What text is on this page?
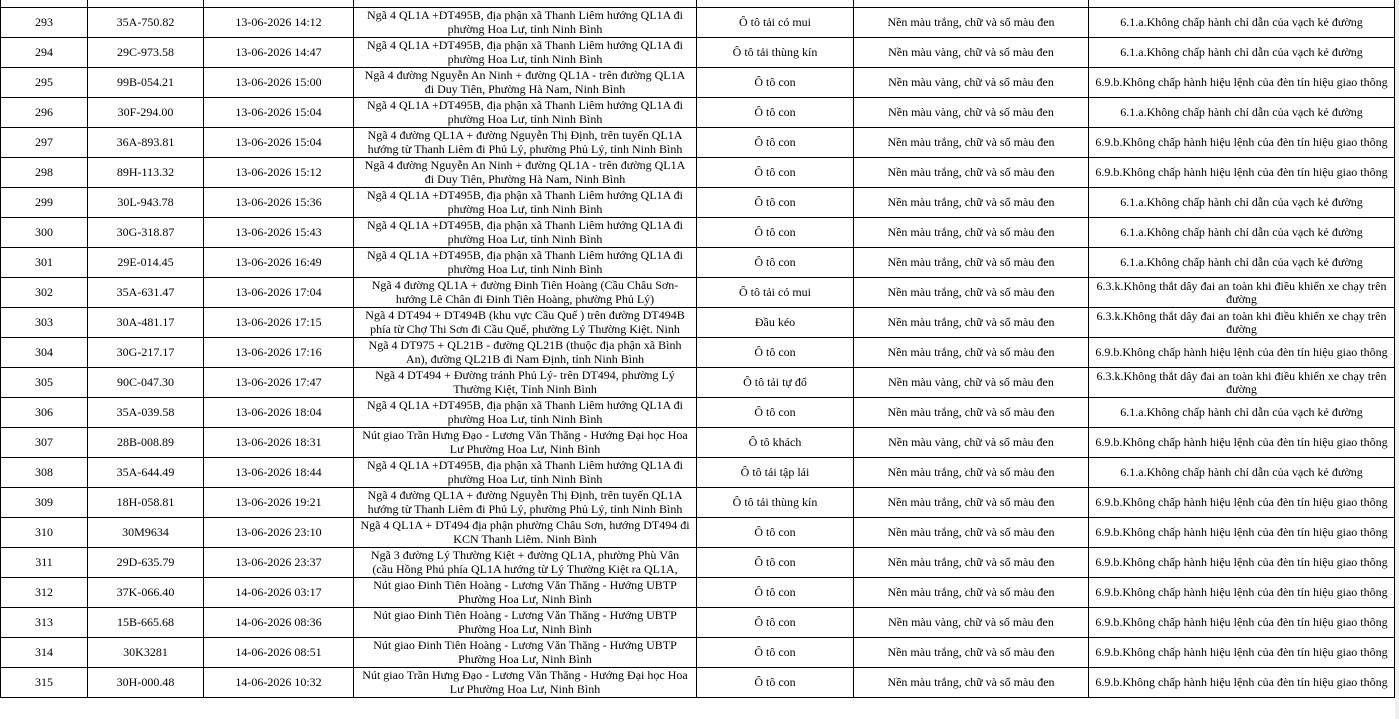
293	35A-750.82	13-06-2026 14:12	Ngã 4 QL1A +DT495B, địa phận xã Thanh Liêm hướng QL1A đi phường Hoa Lư, tỉnh Ninh Bình	Ô tô tải có mui	Nền màu trắng, chữ và số màu đen	6.1.a.Không chấp hành chỉ dẫn của vạch kẻ đường

294	29C-973.58	13-06-2026 14:47	Ngã 4 QL1A +DT495B, địa phận xã Thanh Liêm hướng QL1A đi phường Hoa Lư, tỉnh Ninh Bình	Ô tô tải thùng kín	Nền màu vàng, chữ và số màu đen	6.1.a.Không chấp hành chỉ dẫn của vạch kẻ đường

295	99B-054.21	13-06-2026 15:00	Ngã 4 đường Nguyễn An Ninh + đường QL1A - trên đường QL1A đi Duy Tiên, Phường Hà Nam, Ninh Bình	Ô tô con	Nền màu vàng, chữ và số màu đen	6.9.b.Không chấp hành hiệu lệnh của đèn tín hiệu giao thông

296	30F-294.00	13-06-2026 15:04	Ngã 4 QL1A +DT495B, địa phận xã Thanh Liêm hướng QL1A đi phường Hoa Lư, tỉnh Ninh Bình	Ô tô con	Nền màu vàng, chữ và số màu đen	6.1.a.Không chấp hành chỉ dẫn của vạch kẻ đường

297	36A-893.81	13-06-2026 15:04	Ngã 4 đường QL1A + đường Nguyễn Thị Định, trên tuyến QL1A hướng từ Thanh Liêm đi Phủ Lý, phường Phủ Lý, tỉnh Ninh Bình	Ô tô con	Nền màu trắng, chữ và số màu đen	6.9.b.Không chấp hành hiệu lệnh của đèn tín hiệu giao thông

298	89H-113.32	13-06-2026 15:12	Ngã 4 đường Nguyễn An Ninh + đường QL1A - trên đường QL1A đi Duy Tiên, Phường Hà Nam, Ninh Bình	Ô tô con	Nền màu trắng, chữ và số màu đen	6.9.b.Không chấp hành hiệu lệnh của đèn tín hiệu giao thông

299	30L-943.78	13-06-2026 15:36	Ngã 4 QL1A +DT495B, địa phận xã Thanh Liêm hướng QL1A đi phường Hoa Lư, tỉnh Ninh Bình	Ô tô con	Nền màu trắng, chữ và số màu đen	6.1.a.Không chấp hành chỉ dẫn của vạch kẻ đường

300	30G-318.87	13-06-2026 15:43	Ngã 4 QL1A +DT495B, địa phận xã Thanh Liêm hướng QL1A đi phường Hoa Lư, tỉnh Ninh Bình	Ô tô con	Nền màu trắng, chữ và số màu đen	6.1.a.Không chấp hành chỉ dẫn của vạch kẻ đường

301	29E-014.45	13-06-2026 16:49	Ngã 4 QL1A +DT495B, địa phận xã Thanh Liêm hướng QL1A đi phường Hoa Lư, tỉnh Ninh Bình	Ô tô con	Nền màu trắng, chữ và số màu đen	6.1.a.Không chấp hành chỉ dẫn của vạch kẻ đường

302	35A-631.47	13-06-2026 17:04	Ngã 4 đường QL1A + đường Đinh Tiên Hoàng (Cầu Châu Sơn-hướng Lê Chân đi Đinh Tiên Hoàng, phường Phủ Lý)	Ô tô tải có mui	Nền màu trắng, chữ và số màu đen	6.3.k.Không thắt dây đai an toàn khi điều khiển xe chạy trên đường

303	30A-481.17	13-06-2026 17:15	Ngã 4 DT494 + DT494B (khu vực Cầu Quế ) trên đường DT494B phía từ Chợ Thi Sơn đi Cầu Quế, phường Lý Thường Kiệt. Ninh	Đầu kéo	Nền màu trắng, chữ và số màu đen	6.3.k.Không thắt dây đai an toàn khi điều khiển xe chạy trên đường

304	30G-217.17	13-06-2026 17:16	Ngã 4 DT975 + QL21B - đường QL21B (thuộc địa phận xã Bình An), đường QL21B đi Nam Định, tỉnh Ninh Bình	Ô tô con	Nền màu trắng, chữ và số màu đen	6.9.b.Không chấp hành hiệu lệnh của đèn tín hiệu giao thông

305	90C-047.30	13-06-2026 17:47	Ngã 4 DT494 + Đường tránh Phủ Lý- trên DT494, phường Lý Thường Kiệt, Tỉnh Ninh Bình	Ô tô tải tự đổ	Nền màu vàng, chữ và số màu đen	6.3.k.Không thắt dây đai an toàn khi điều khiển xe chạy trên đường

306	35A-039.58	13-06-2026 18:04	Ngã 4 QL1A +DT495B, địa phận xã Thanh Liêm hướng QL1A đi phường Hoa Lư, tỉnh Ninh Bình	Ô tô con	Nền màu trắng, chữ và số màu đen	6.1.a.Không chấp hành chỉ dẫn của vạch kẻ đường

307	28B-008.89	13-06-2026 18:31	Nút giao Trần Hưng Đạo - Lương Văn Thăng - Hướng Đại học Hoa Lư Phường Hoa Lư, Ninh Bình	Ô tô khách	Nền màu vàng, chữ và số màu đen	6.9.b.Không chấp hành hiệu lệnh của đèn tín hiệu giao thông

308	35A-644.49	13-06-2026 18:44	Ngã 4 QL1A +DT495B, địa phận xã Thanh Liêm hướng QL1A đi phường Hoa Lư, tỉnh Ninh Bình	Ô tô tải tập lái	Nền màu trắng, chữ và số màu đen	6.1.a.Không chấp hành chỉ dẫn của vạch kẻ đường

309	18H-058.81	13-06-2026 19:21	Ngã 4 đường QL1A + đường Nguyễn Thị Định, trên tuyến QL1A hướng từ Thanh Liêm đi Phủ Lý, phường Phủ Lý, tỉnh Ninh Bình	Ô tô tải thùng kín	Nền màu trắng, chữ và số màu đen	6.9.b.Không chấp hành hiệu lệnh của đèn tín hiệu giao thông

310	30M9634	13-06-2026 23:10	Ngã 4 QL1A + DT494 địa phận phường Châu Sơn, hướng DT494 đi KCN Thanh Liêm. Ninh Bình	Ô tô con	Nền màu trắng, chữ và số màu đen	6.9.b.Không chấp hành hiệu lệnh của đèn tín hiệu giao thông

311	29D-635.79	13-06-2026 23:37	Ngã 3 đường Lý Thường Kiệt + đường QL1A, phường Phù Vân (cầu Hồng Phú phía QL1A hướng từ Lý Thường Kiệt ra QL1A,	Ô tô con	Nền màu trắng, chữ và số màu đen	6.9.b.Không chấp hành hiệu lệnh của đèn tín hiệu giao thông

312	37K-066.40	14-06-2026 03:17	Nút giao Đinh Tiên Hoàng - Lương Văn Thăng - Hướng UBTP Phường Hoa Lư, Ninh Bình	Ô tô con	Nền màu trắng, chữ và số màu đen	6.9.b.Không chấp hành hiệu lệnh của đèn tín hiệu giao thông

313	15B-665.68	14-06-2026 08:36	Nút giao Đinh Tiên Hoàng - Lương Văn Thăng - Hướng UBTP Phường Hoa Lư, Ninh Bình	Ô tô con	Nền màu vàng, chữ và số màu đen	6.9.b.Không chấp hành hiệu lệnh của đèn tín hiệu giao thông

314	30K3281	14-06-2026 08:51	Nút giao Đinh Tiên Hoàng - Lương Văn Thăng - Hướng UBTP Phường Hoa Lư, Ninh Bình	Ô tô con	Nền màu trắng, chữ và số màu đen	6.9.b.Không chấp hành hiệu lệnh của đèn tín hiệu giao thông

315	30H-000.48	14-06-2026 10:32	Nút giao Trần Hưng Đạo - Lương Văn Thăng - Hướng Đại học Hoa Lư Phường Hoa Lư, Ninh Bình	Ô tô con	Nền màu trắng, chữ và số màu đen	6.9.b.Không chấp hành hiệu lệnh của đèn tín hiệu giao thông
